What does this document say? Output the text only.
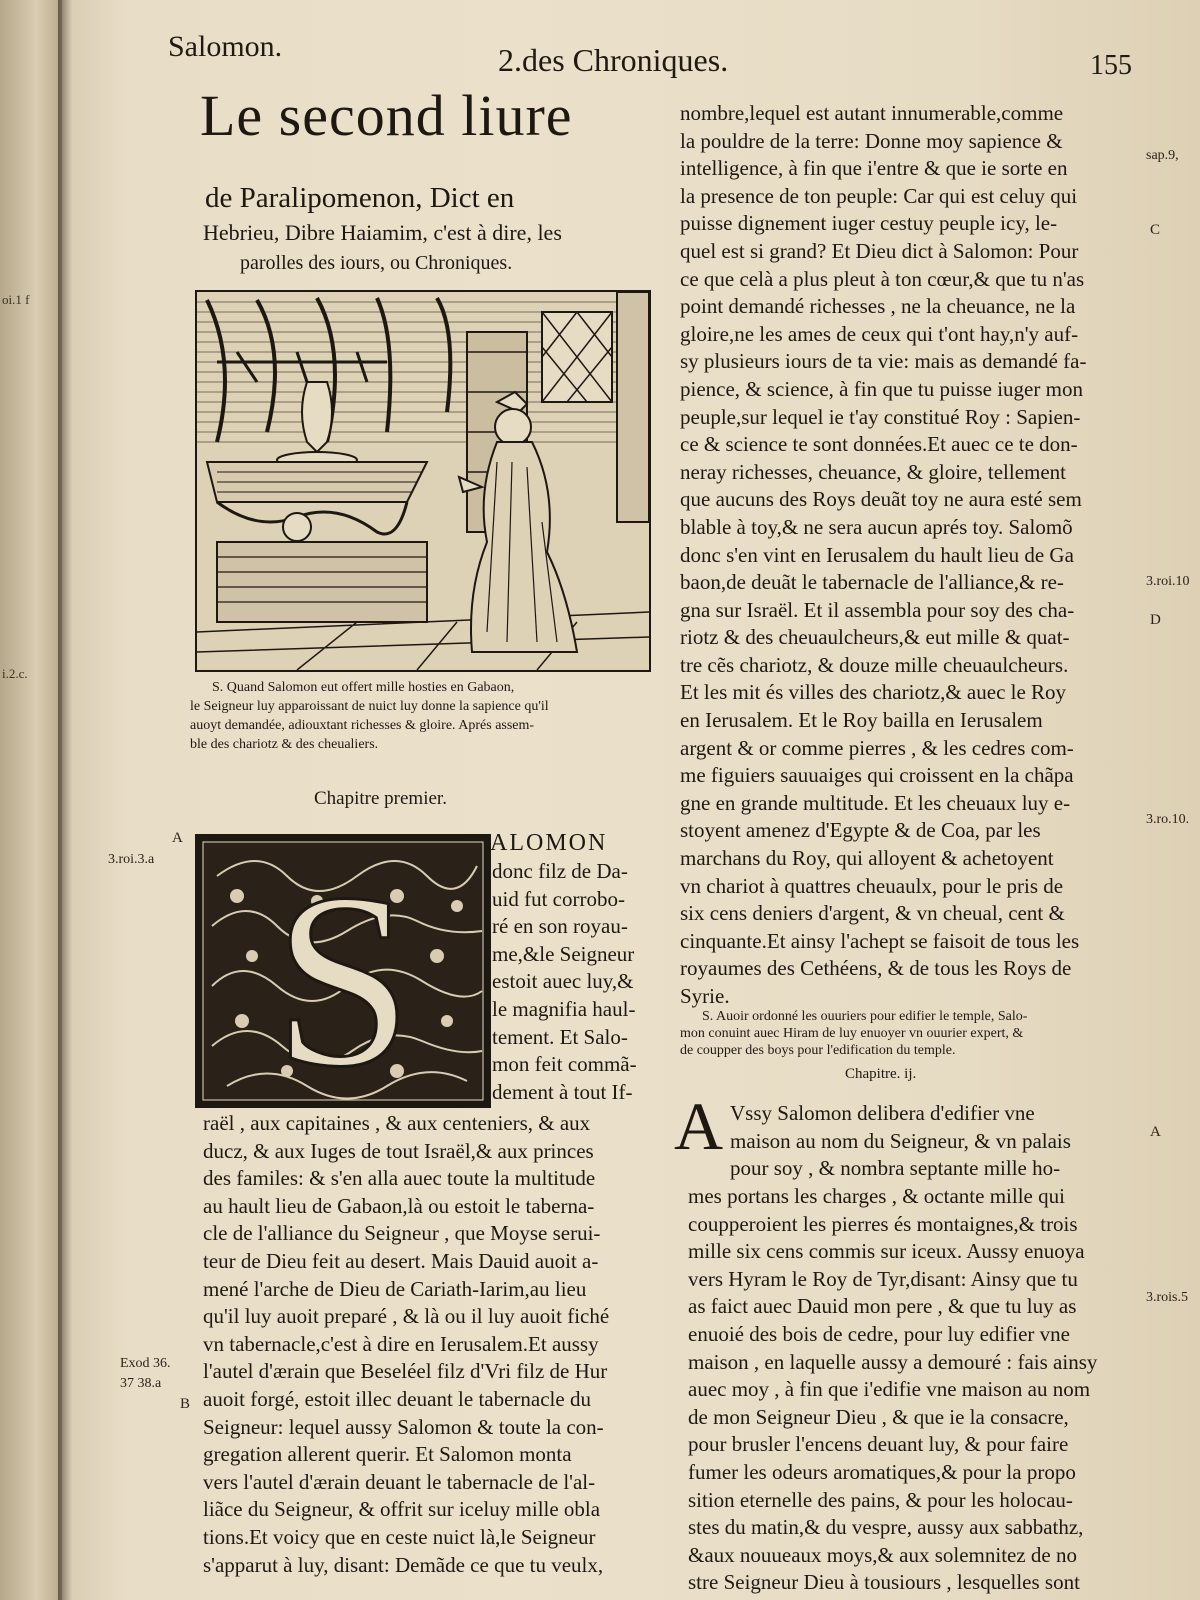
oi.1 f
i.2.c.
Salomon.	2.des Chroniques.	155
Le second liure
de Paralipomenon, Dict en
Hebrieu, Dibre Haiamim, c'est à dire, les
parolles des iours, ou Chroniques.
S. Quand Salomon eut offert mille hosties en Gabaon,
le Seigneur luy apparoissant de nuict luy donne la sapience qu'il
auoyt demandée, adiouxtant richesses & gloire. Aprés assem-
ble des chariotz & des cheualiers.
Chapitre premier.
S	ALOMON
donc filz de Da-
uid fut corrobo-
ré en son royau-
me,&le Seigneur
estoit auec luy,&
le magnifia haul-
tement. Et Salo-
mon feit commã-
dement à tout If-
raël , aux capitaines , & aux centeniers, & aux
ducz, & aux Iuges de tout Israël,& aux princes
des familes: & s'en alla auec toute la multitude
au hault lieu de Gabaon,là ou estoit le taberna-
cle de l'alliance du Seigneur , que Moyse serui-
teur de Dieu feit au desert. Mais Dauid auoit a-
mené l'arche de Dieu de Cariath-Iarim,au lieu
qu'il luy auoit preparé , & là ou il luy auoit fiché
vn tabernacle,c'est à dire en Ierusalem.Et aussy
l'autel d'ærain que Beseléel filz d'Vri filz de Hur
auoit forgé, estoit illec deuant le tabernacle du
Seigneur: lequel aussy Salomon & toute la con-
gregation allerent querir. Et Salomon monta
vers l'autel d'ærain deuant le tabernacle de l'al-
liãce du Seigneur, & offrit sur iceluy mille obla
tions.Et voicy que en ceste nuict là,le Seigneur
s'apparut à luy, disant: Demãde ce que tu veulx,
nombre,lequel est autant innumerable,comme
la pouldre de la terre: Donne moy sapience &
intelligence, à fin que i'entre & que ie sorte en
la presence de ton peuple: Car qui est celuy qui
puisse dignement iuger cestuy peuple icy, le-
quel est si grand? Et Dieu dict à Salomon: Pour
ce que celà a plus pleut à ton cœur,& que tu n'as
point demandé richesses , ne la cheuance, ne la
gloire,ne les ames de ceux qui t'ont hay,n'y auf-
sy plusieurs iours de ta vie: mais as demandé fa-
pience, & science, à fin que tu puisse iuger mon
peuple,sur lequel ie t'ay constitué Roy : Sapien-
ce & science te sont données.Et auec ce te don-
neray richesses, cheuance, & gloire, tellement
que aucuns des Roys deuãt toy ne aura esté sem
blable à toy,& ne sera aucun aprés toy. Salomõ
donc s'en vint en Ierusalem du hault lieu de Ga
baon,de deuãt le tabernacle de l'alliance,& re-
gna sur Israël. Et il assembla pour soy des cha-
riotz & des cheuaulcheurs,& eut mille & quat-
tre cẽs chariotz, & douze mille cheuaulcheurs.
Et les mit és villes des chariotz,& auec le Roy
en Ierusalem. Et le Roy bailla en Ierusalem
argent & or comme pierres , & les cedres com-
me figuiers sauuaiges qui croissent en la chãpa
gne en grande multitude. Et les cheuaux luy e-
stoyent amenez d'Egypte & de Coa, par les
marchans du Roy, qui alloyent & achetoyent
vn chariot à quattres cheuaulx, pour le pris de
six cens deniers d'argent, & vn cheual, cent &
cinquante.Et ainsy l'achept se faisoit de tous les
royaumes des Cethéens, & de tous les Roys de
Syrie.
S. Auoir ordonné les ouuriers pour edifier le temple, Salo-
mon conuint auec Hiram de luy enuoyer vn ouurier expert, &
de coupper des boys pour l'edification du temple.
Chapitre. ij.
A Vssy Salomon delibera d'edifier vne
maison au nom du Seigneur, & vn palais
pour soy , & nombra septante mille ho-
mes portans les charges , & octante mille qui
coupperoient les pierres és montaignes,& trois
mille six cens commis sur iceux. Aussy enuoya
vers Hyram le Roy de Tyr,disant: Ainsy que tu
as faict auec Dauid mon pere , & que tu luy as
enuoié des bois de cedre, pour luy edifier vne
maison , en laquelle aussy a demouré : fais ainsy
auec moy , à fin que i'edifie vne maison au nom
de mon Seigneur Dieu , & que ie la consacre,
pour brusler l'encens deuant luy, & pour faire
fumer les odeurs aromatiques,& pour la propo
sition eternelle des pains, & pour les holocau-
stes du matin,& du vespre, aussy aux sabbathz,
&aux nouueaux moys,& aux solemnitez de no
stre Seigneur Dieu à tousiours , lesquelles sont
A
3.roi.3.a
Exod 36.
37 38.a
B
sap.9,
C
3.roi.10
D
3.ro.10.
A
3.rois.5
